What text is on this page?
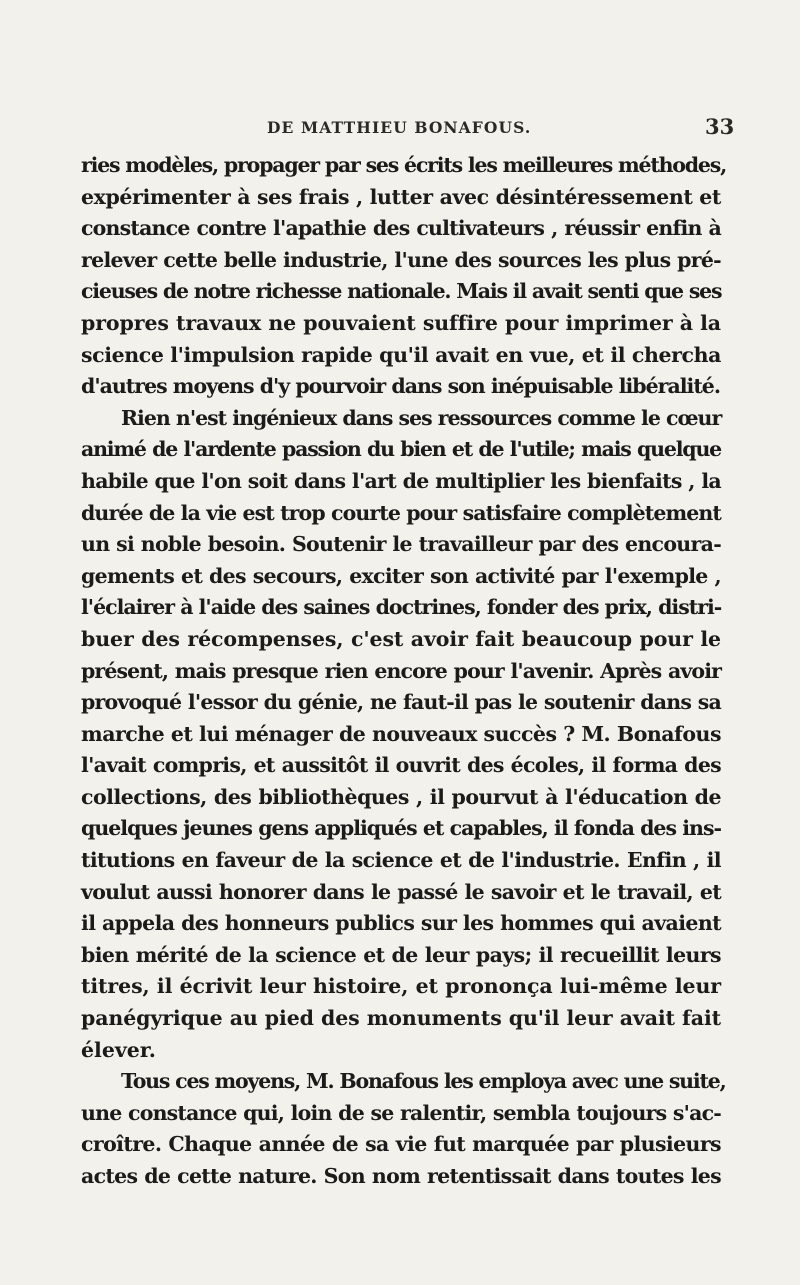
DE MATTHIEU BONAFOUS.	33
ries modèles, propager par ses écrits les meilleures méthodes,
expérimenter à ses frais , lutter avec désintéressement et
constance contre l'apathie des cultivateurs , réussir enfin à
relever cette belle industrie, l'une des sources les plus pré-
cieuses de notre richesse nationale. Mais il avait senti que ses
propres travaux ne pouvaient suffire pour imprimer à la
science l'impulsion rapide qu'il avait en vue, et il chercha
d'autres moyens d'y pourvoir dans son inépuisable libéralité.
Rien n'est ingénieux dans ses ressources comme le cœur
animé de l'ardente passion du bien et de l'utile; mais quelque
habile que l'on soit dans l'art de multiplier les bienfaits , la
durée de la vie est trop courte pour satisfaire complètement
un si noble besoin. Soutenir le travailleur par des encoura-
gements et des secours, exciter son activité par l'exemple ,
l'éclairer à l'aide des saines doctrines, fonder des prix, distri-
buer des récompenses, c'est avoir fait beaucoup pour le
présent, mais presque rien encore pour l'avenir. Après avoir
provoqué l'essor du génie, ne faut-il pas le soutenir dans sa
marche et lui ménager de nouveaux succès ? M. Bonafous
l'avait compris, et aussitôt il ouvrit des écoles, il forma des
collections, des bibliothèques , il pourvut à l'éducation de
quelques jeunes gens appliqués et capables, il fonda des ins-
titutions en faveur de la science et de l'industrie. Enfin , il
voulut aussi honorer dans le passé le savoir et le travail, et
il appela des honneurs publics sur les hommes qui avaient
bien mérité de la science et de leur pays; il recueillit leurs
titres, il écrivit leur histoire, et prononça lui-même leur
panégyrique au pied des monuments qu'il leur avait fait
élever.
Tous ces moyens, M. Bonafous les employa avec une suite,
une constance qui, loin de se ralentir, sembla toujours s'ac-
croître. Chaque année de sa vie fut marquée par plusieurs
actes de cette nature. Son nom retentissait dans toutes les
